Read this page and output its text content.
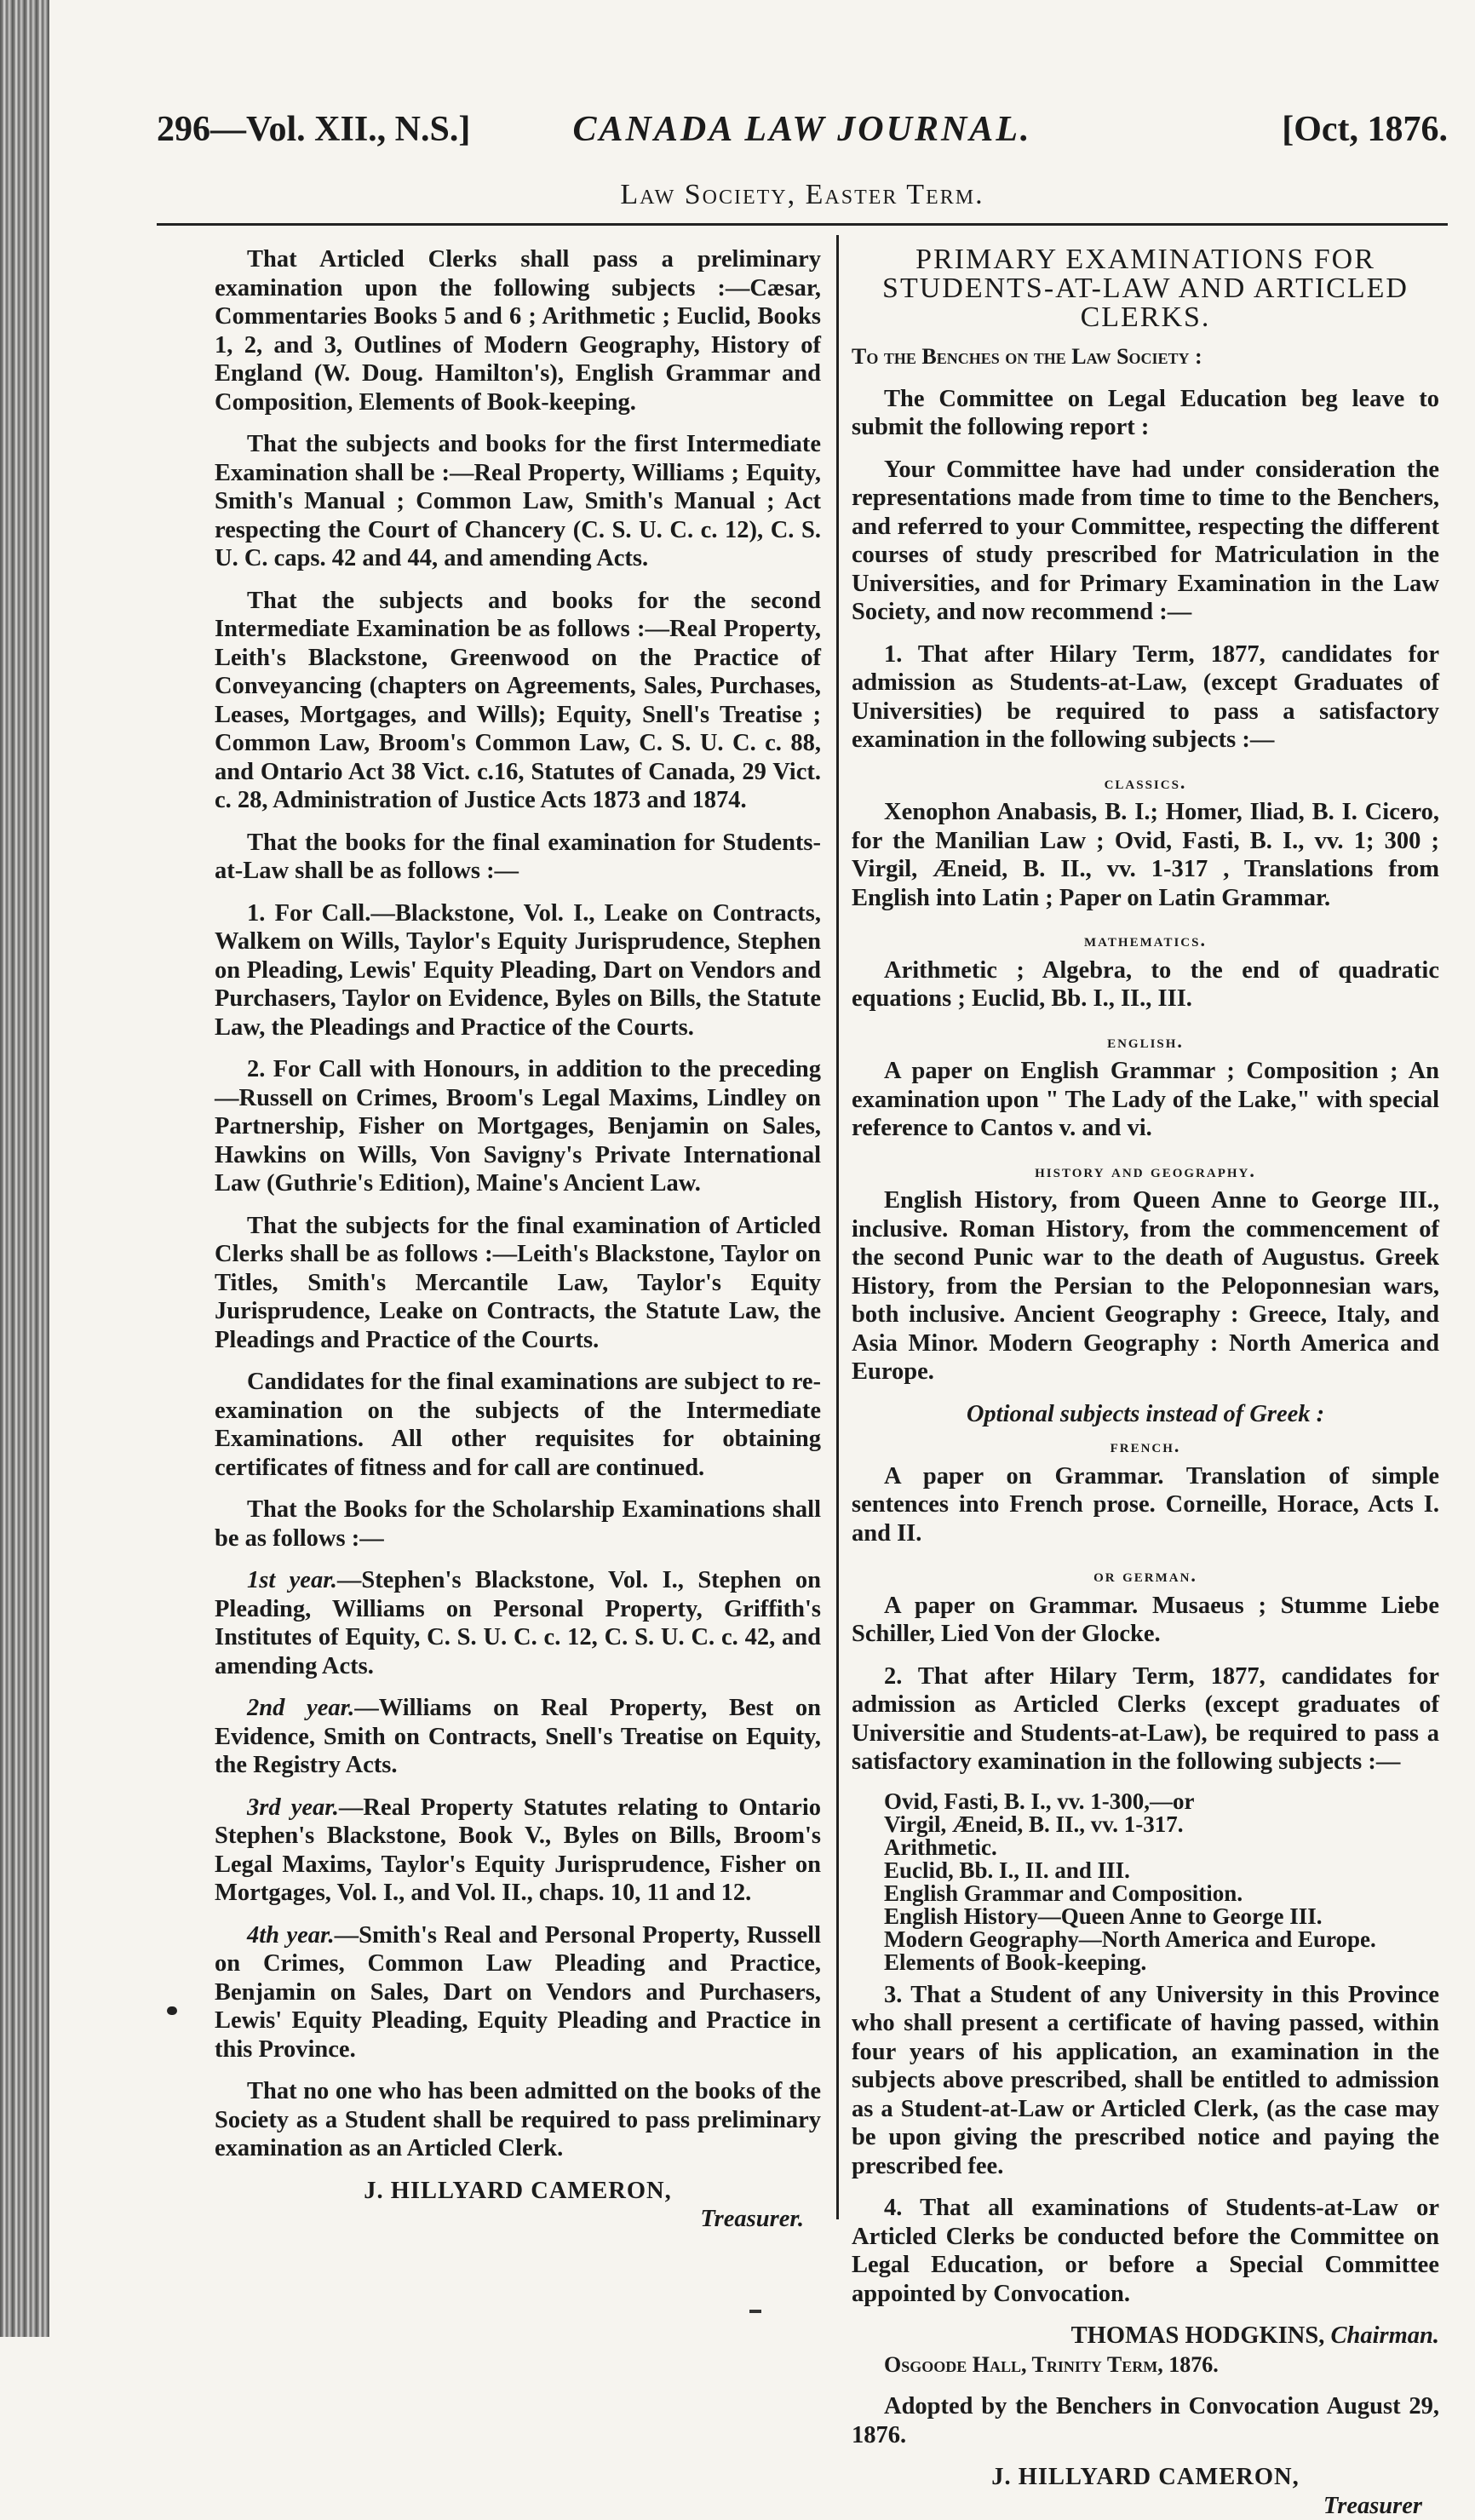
296—Vol. XII., N.S.]	CANADA LAW JOURNAL.	[Oct, 1876.
Law Society, Easter Term.

That Articled Clerks shall pass a preliminary examination upon the following subjects :—Cæsar, Commentaries Books 5 and 6 ; Arithmetic ; Euclid, Books 1, 2, and 3, Outlines of Modern Geography, History of England (W. Doug. Hamilton's), English Grammar and Composition, Elements of Book-keeping.

That the subjects and books for the first Intermediate Examination shall be :—Real Property, Williams ; Equity, Smith's Manual ; Common Law, Smith's Manual ; Act respecting the Court of Chancery (C. S. U. C. c. 12), C. S. U. C. caps. 42 and 44, and amending Acts.

That the subjects and books for the second Intermediate Examination be as follows :—Real Property, Leith's Blackstone, Greenwood on the Practice of Conveyancing (chapters on Agreements, Sales, Purchases, Leases, Mortgages, and Wills); Equity, Snell's Treatise ; Common Law, Broom's Common Law, C. S. U. C. c. 88, and Ontario Act 38 Vict. c.16, Statutes of Canada, 29 Vict. c. 28, Administration of Justice Acts 1873 and 1874.

That the books for the final examination for Students-at-Law shall be as follows :—

1. For Call.—Blackstone, Vol. I., Leake on Contracts, Walkem on Wills, Taylor's Equity Jurisprudence, Stephen on Pleading, Lewis' Equity Pleading, Dart on Vendors and Purchasers, Taylor on Evidence, Byles on Bills, the Statute Law, the Pleadings and Practice of the Courts.

2. For Call with Honours, in addition to the preceding —Russell on Crimes, Broom's Legal Maxims, Lindley on Partnership, Fisher on Mortgages, Benjamin on Sales, Hawkins on Wills, Von Savigny's Private International Law (Guthrie's Edition), Maine's Ancient Law.

That the subjects for the final examination of Articled Clerks shall be as follows :—Leith's Blackstone, Taylor on Titles, Smith's Mercantile Law, Taylor's Equity Jurisprudence, Leake on Contracts, the Statute Law, the Pleadings and Practice of the Courts.

Candidates for the final examinations are subject to re-examination on the subjects of the Intermediate Examinations. All other requisites for obtaining certificates of fitness and for call are continued.

That the Books for the Scholarship Examinations shall be as follows :—

1st year.—Stephen's Blackstone, Vol. I., Stephen on Pleading, Williams on Personal Property, Griffith's Institutes of Equity, C. S. U. C. c. 12, C. S. U. C. c. 42, and amending Acts.

2nd year.—Williams on Real Property, Best on Evidence, Smith on Contracts, Snell's Treatise on Equity, the Registry Acts.

3rd year.—Real Property Statutes relating to Ontario Stephen's Blackstone, Book V., Byles on Bills, Broom's Legal Maxims, Taylor's Equity Jurisprudence, Fisher on Mortgages, Vol. I., and Vol. II., chaps. 10, 11 and 12.

4th year.—Smith's Real and Personal Property, Russell on Crimes, Common Law Pleading and Practice, Benjamin on Sales, Dart on Vendors and Purchasers, Lewis' Equity Pleading, Equity Pleading and Practice in this Province.

That no one who has been admitted on the books of the Society as a Student shall be required to pass preliminary examination as an Articled Clerk.

J. HILLYARD CAMERON,
Treasurer.
PRIMARY EXAMINATIONS FOR STUDENTS-AT-LAW AND ARTICLED CLERKS.

To the Benches on the Law Society :

The Committee on Legal Education beg leave to submit the following report :

Your Committee have had under consideration the representations made from time to time to the Benchers, and referred to your Committee, respecting the different courses of study prescribed for Matriculation in the Universities, and for Primary Examination in the Law Society, and now recommend :—

1. That after Hilary Term, 1877, candidates for admission as Students-at-Law, (except Graduates of Universities) be required to pass a satisfactory examination in the following subjects :—

classics.

Xenophon Anabasis, B. I.; Homer, Iliad, B. I. Cicero, for the Manilian Law ; Ovid, Fasti, B. I., vv. 1; 300 ; Virgil, Æneid, B. II., vv. 1-317 , Translations from English into Latin ; Paper on Latin Grammar.

mathematics.

Arithmetic ; Algebra, to the end of quadratic equations ; Euclid, Bb. I., II., III.

english.

A paper on English Grammar ; Composition ; An examination upon " The Lady of the Lake," with special reference to Cantos v. and vi.

history and geography.

English History, from Queen Anne to George III., inclusive. Roman History, from the commencement of the second Punic war to the death of Augustus. Greek History, from the Persian to the Peloponnesian wars, both inclusive. Ancient Geography : Greece, Italy, and Asia Minor. Modern Geography : North America and Europe.

Optional subjects instead of Greek :
french.

A paper on Grammar. Translation of simple sentences into French prose. Corneille, Horace, Acts I. and II.

or german.

A paper on Grammar. Musaeus ; Stumme Liebe Schiller, Lied Von der Glocke.

2. That after Hilary Term, 1877, candidates for admission as Articled Clerks (except graduates of Universitie and Students-at-Law), be required to pass a satisfactory examination in the following subjects :—

Ovid, Fasti, B. I., vv. 1-300,—or
Virgil, Æneid, B. II., vv. 1-317.
Arithmetic.
Euclid, Bb. I., II. and III.
English Grammar and Composition.
English History—Queen Anne to George III.
Modern Geography—North America and Europe.
Elements of Book-keeping.

3. That a Student of any University in this Province who shall present a certificate of having passed, within four years of his application, an examination in the subjects above prescribed, shall be entitled to admission as a Student-at-Law or Articled Clerk, (as the case may be upon giving the prescribed notice and paying the prescribed fee.

4. That all examinations of Students-at-Law or Articled Clerks be conducted before the Committee on Legal Education, or before a Special Committee appointed by Convocation.

THOMAS HODGKINS, Chairman.

Osgoode Hall, Trinity Term, 1876.

Adopted by the Benchers in Convocation August 29, 1876.

J. HILLYARD CAMERON,
Treasurer
